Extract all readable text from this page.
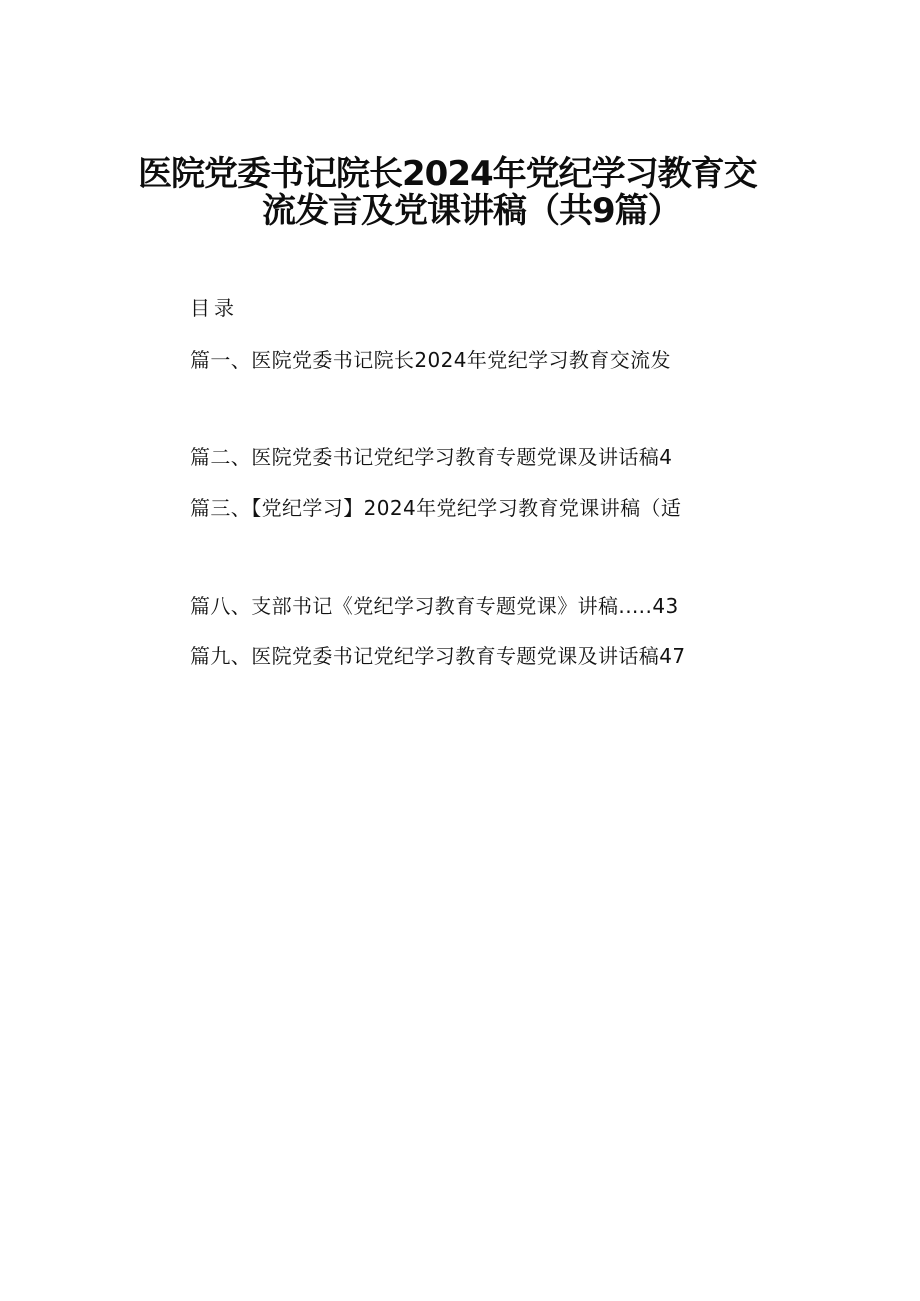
医院党委书记院长2024年党纪学习教育交
流发言及党课讲稿（共9篇）
目录
篇一、医院党委书记院长2024年党纪学习教育交流发
篇二、医院党委书记党纪学习教育专题党课及讲话稿4
篇三、【党纪学习】2024年党纪学习教育党课讲稿（适
篇八、支部书记《党纪学习教育专题党课》讲稿.….43
篇九、医院党委书记党纪学习教育专题党课及讲话稿47
